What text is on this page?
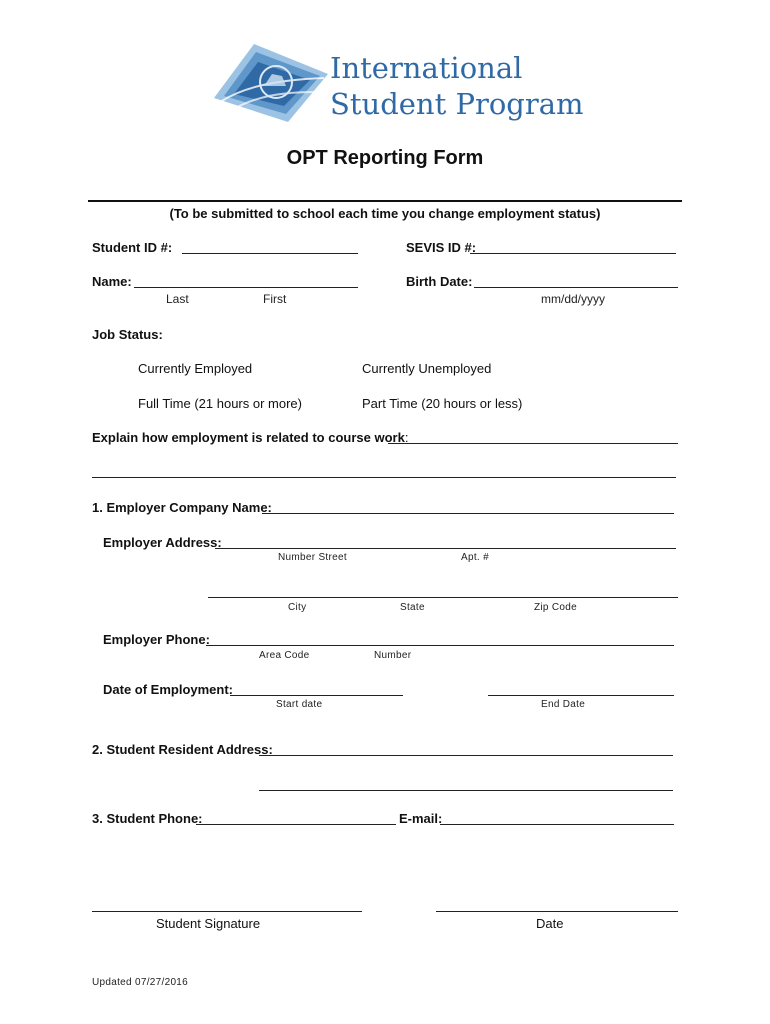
International
Student Program
OPT Reporting Form
(To be submitted to school each time you change employment status)
Student ID #:	SEVIS ID #:
Name:
Last	First
Birth Date:
mm/dd/yyyy
Job Status:
Currently Employed	Currently Unemployed
Full Time (21 hours or more)	Part Time (20 hours or less)
Explain how employment is related to course work:
1. Employer Company Name:
Employer Address:
Number Street	Apt. #
City	State	Zip Code
Employer Phone:
Area Code	Number
Date of Employment:
Start date	End Date
2. Student Resident Address:
3. Student Phone:	E-mail:
Student Signature	Date
Updated 07/27/2016
